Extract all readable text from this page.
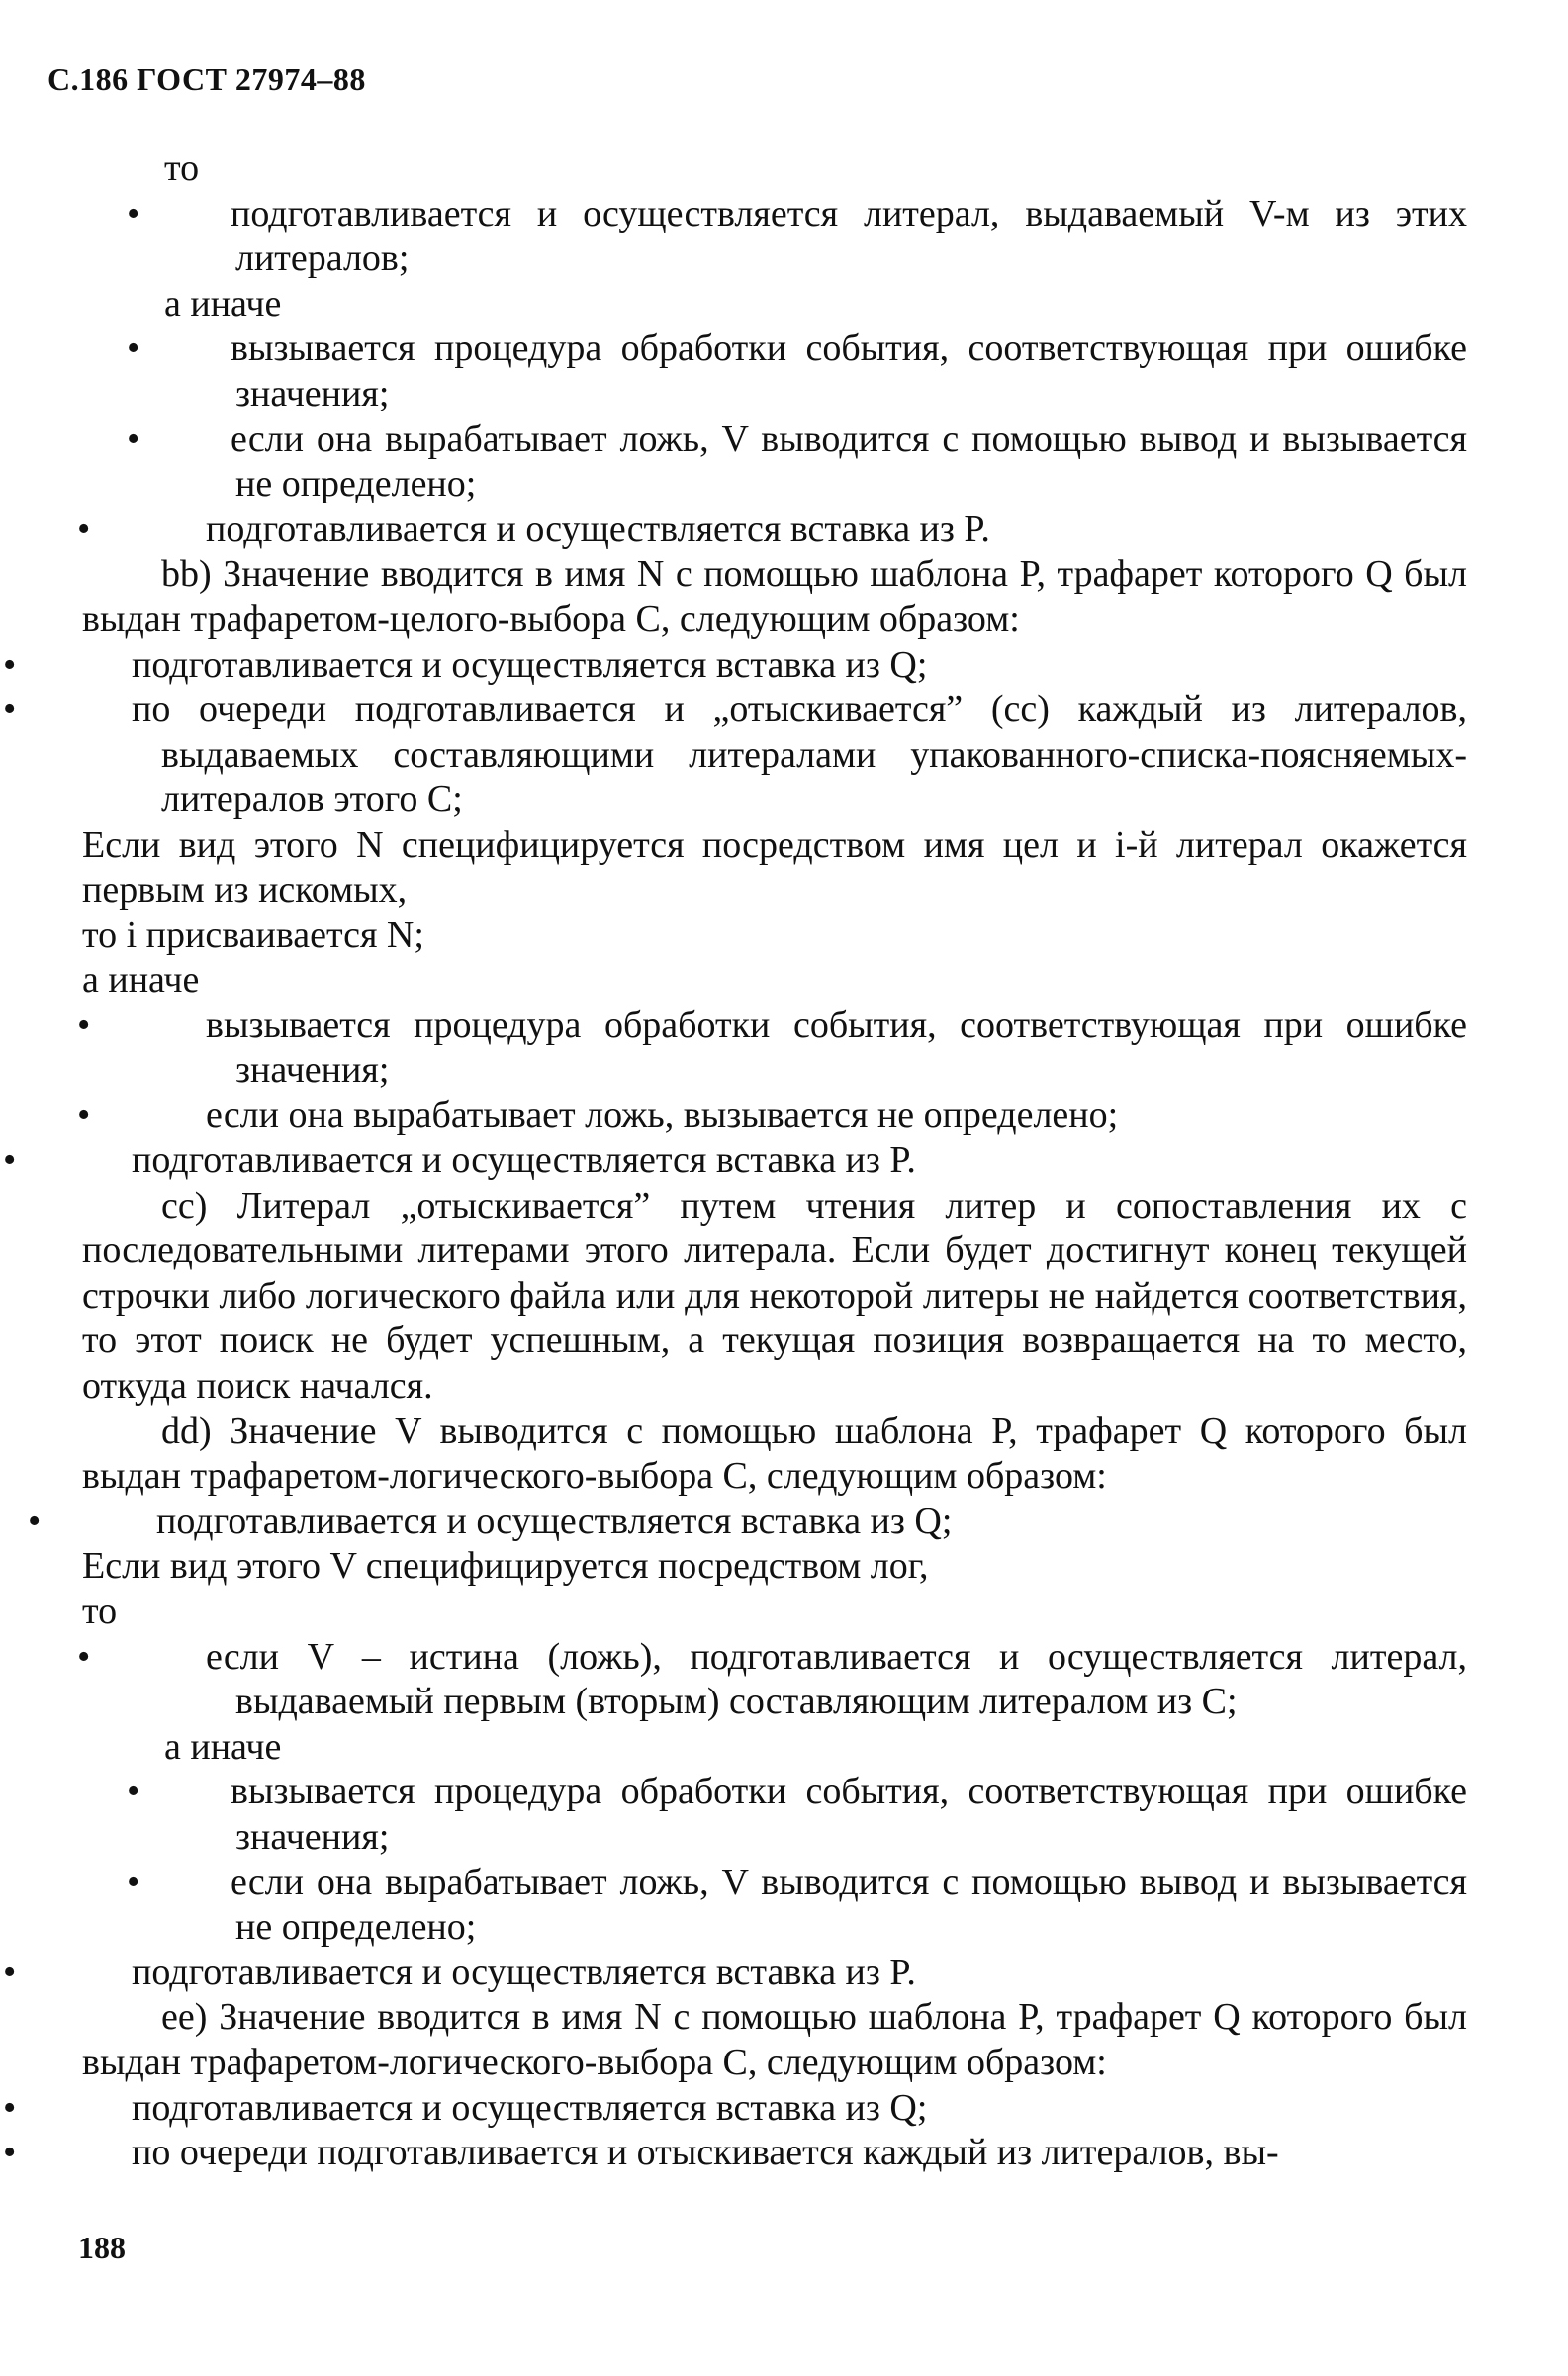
С.186 ГОСТ 27974–88

то

• подготавливается и осуществляется литерал, выдаваемый V-м из этих литералов;

а иначе

• вызывается процедура обработки события, соответствующая при ошибке значения;

• если она вырабатывает ложь, V выводится с помощью вывод и вызывается не определено;

•	подготавливается и осуществляется вставка из P.

bb) Значение вводится в имя N с помощью шаблона P, трафарет которого Q был выдан трафаретом-целого-выбора C, следующим образом:

•	подготавливается и осуществляется вставка из Q;

•	по очереди подготавливается и „отыскивается” (cc) каждый из литералов, выдаваемых составляющими литералами упакованного-списка-поясняемых-литералов этого C;

Если вид этого N специфицируется посредством имя цел и i-й литерал окажется первым из искомых,

то i присваивается N;

а иначе

•	вызывается процедура обработки события, соответствующая при ошибке значения;

•	если она вырабатывает ложь, вызывается не определено;

•	подготавливается и осуществляется вставка из P.

cc) Литерал „отыскивается” путем чтения литер и сопоставления их с последовательными литерами этого литерала. Если будет достигнут конец текущей строчки либо логического файла или для некоторой литеры не найдется соответствия, то этот поиск не будет успешным, а текущая позиция возвращается на то место, откуда поиск начался.

dd) Значение V выводится с помощью шаблона P, трафарет Q которого был выдан трафаретом-логического-выбора C, следующим образом:

•	подготавливается и осуществляется вставка из Q;

Если вид этого V специфицируется посредством лог,

то

•	если V – истина (ложь), подготавливается и осуществляется литерал, выдаваемый первым (вторым) составляющим литералом из C;

а иначе

• вызывается процедура обработки события, соответствующая при ошибке значения;

• если она вырабатывает ложь, V выводится с помощью вывод и вызывается не определено;

•	подготавливается и осуществляется вставка из P.

ee) Значение вводится в имя N с помощью шаблона P, трафарет Q которого был выдан трафаретом-логического-выбора C, следующим образом:

•	подготавливается и осуществляется вставка из Q;

•	по очереди подготавливается и отыскивается каждый из литералов, вы-

188
